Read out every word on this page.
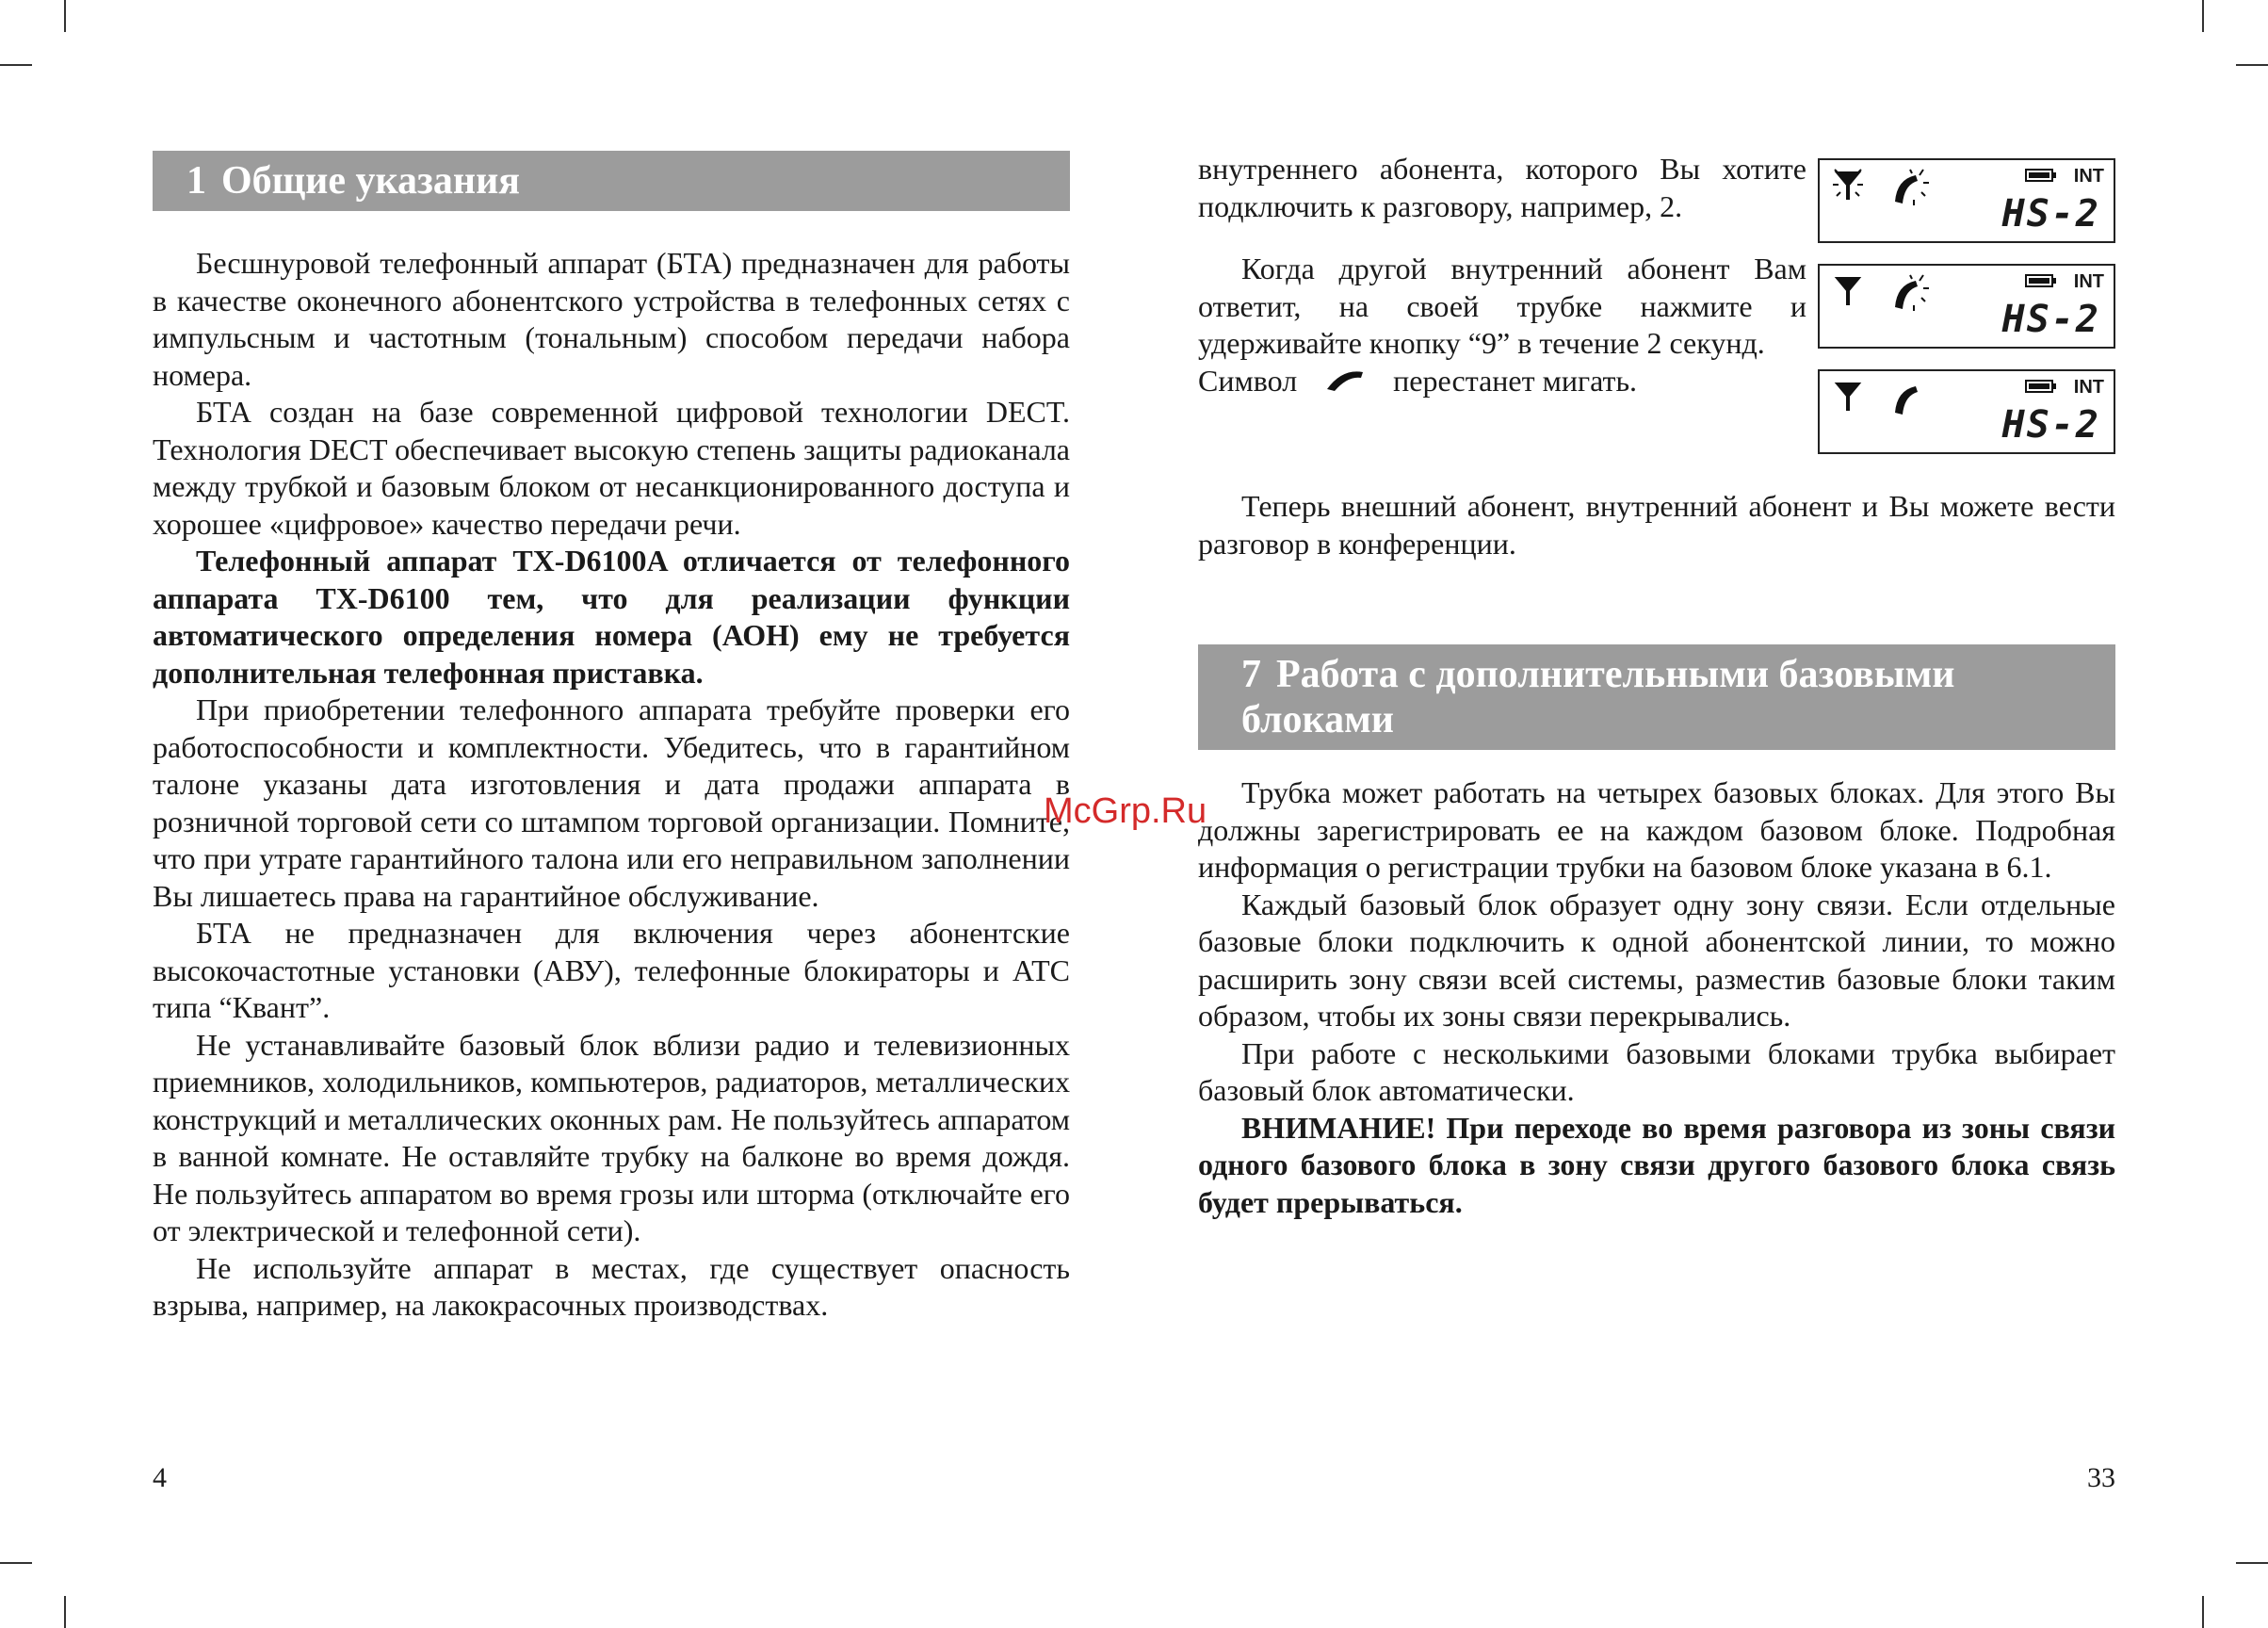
1 Общие указания

Бесшнуровой телефонный аппарат (БТА) предназначен для работы в качестве оконечного абонентского устройства в телефонных сетях с импульсным и частотным (тональным) способом передачи набора номера.

БТА создан на базе современной цифровой технологии DECT. Технология DECT обеспечивает высокую степень защиты радиоканала между трубкой и базовым блоком от несанкционированного доступа и хорошее «цифровое» качество передачи речи.

Телефонный аппарат TX-D6100A отличается от телефонного аппарата TX-D6100 тем, что для реализации функции автоматического определения номера (АОН) ему не требуется дополнительная телефонная приставка.

При приобретении телефонного аппарата требуйте проверки его работоспособности и комплектности. Убедитесь, что в гарантийном талоне указаны дата изготовления и дата продажи аппарата в розничной торговой сети со штампом торговой организации. Помните, что при утрате гарантийного талона или его неправильном заполнении Вы лишаетесь права на гарантийное обслуживание.

БТА не предназначен для включения через абонентские высокочастотные установки (АВУ), телефонные блокираторы и АТС типа “Квант”.

Не устанавливайте базовый блок вблизи радио и телевизионных приемников, холодильников, компьютеров, радиаторов, металлических конструкций и металлических оконных рам. Не пользуйтесь аппаратом в ванной комнате. Не оставляйте трубку на балконе во время дождя. Не пользуйтесь аппаратом во время грозы или шторма (отключайте его от электрической и телефонной сети).

Не используйте аппарат в местах, где существует опасность взрыва, например, на лакокрасочных производствах.

4

внутреннего абонента, которого Вы хотите подключить к разговору, например, 2.

Когда другой внутренний абонент Вам ответит, на своей трубке нажмите и удерживайте кнопку “9” в течение 2 секунд.

Символ	перестанет мигать.

INT
HS-2
INT
HS-2
INT
HS-2

Теперь внешний абонент, внутренний абонент и Вы можете вести разговор в конференции.

7 Работа с дополнительными базовыми блоками

Трубка может работать на четырех базовых блоках. Для этого Вы должны зарегистрировать ее на каждом базовом блоке. Подробная информация о регистрации трубки на базовом блоке указана в 6.1.

Каждый базовый блок образует одну зону связи. Если отдельные базовые блоки подключить к одной абонентской линии, то можно расширить зону связи всей системы, разместив базовые блоки таким образом, чтобы их зоны связи перекрывались.

При работе с несколькими базовыми блоками трубка выбирает базовый блок автоматически.

ВНИМАНИЕ! При переходе во время разговора из зоны связи одного базового блока в зону связи другого базового блока связь будет прерываться.

33
McGrp.Ru
